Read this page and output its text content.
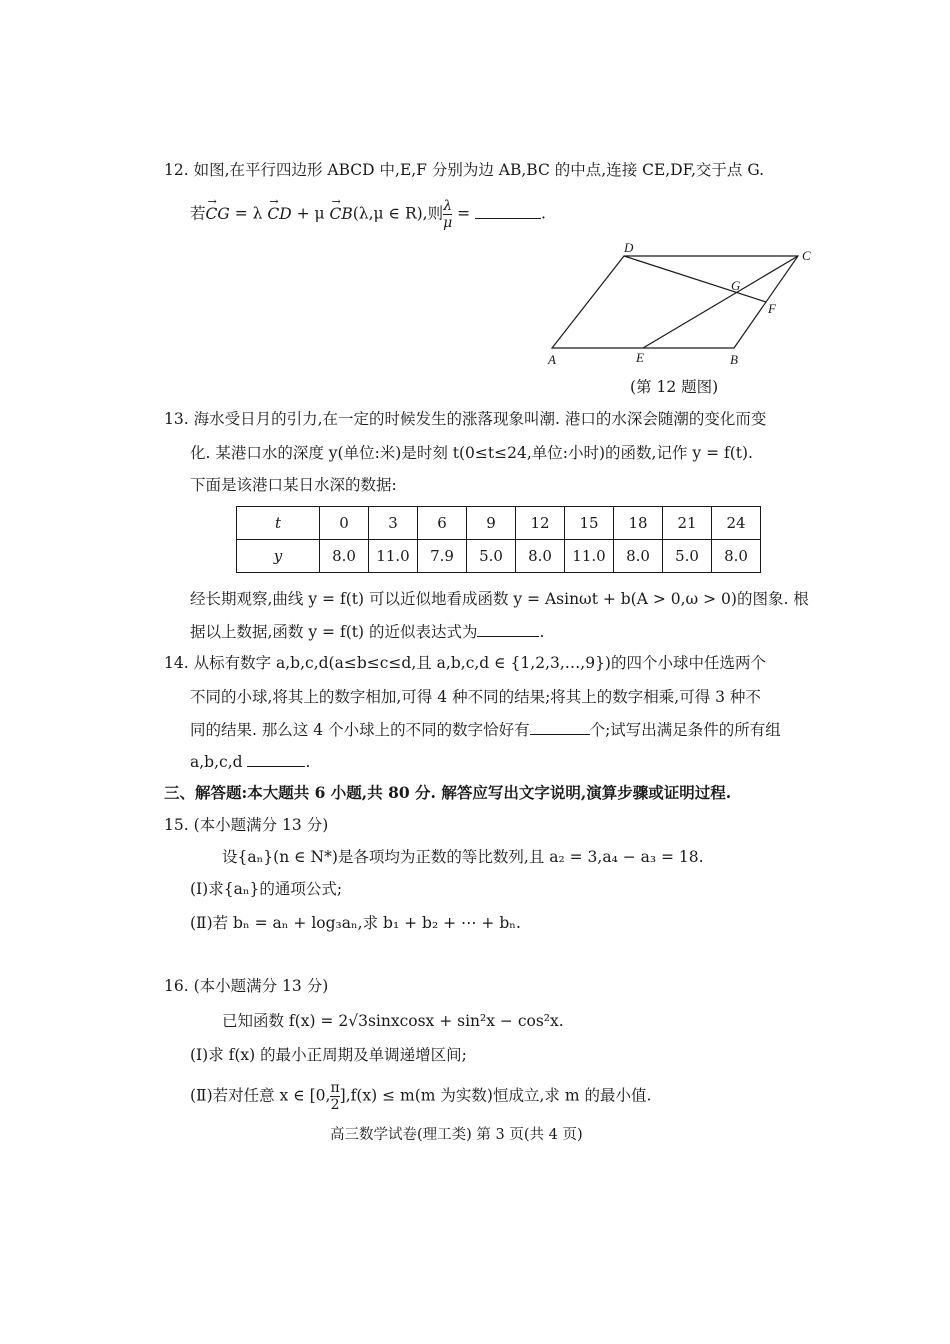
12. 如图,在平行四边形 ABCD 中,E,F 分别为边 AB,BC 的中点,连接 CE,DF,交于点 G.
若→ CG = λ → CD + μ → CB(λ,μ ∈ R),则 $\frac{\lambda}{\mu}$ =	.
A	E	B
F
G
C
D
(第 12 题图)
13. 海水受日月的引力,在一定的时候发生的涨落现象叫潮. 港口的水深会随潮的变化而变
化. 某港口水的深度 y(单位:米)是时刻 t(0≤t≤24,单位:小时)的函数,记作 y = f(t).
下面是该港口某日水深的数据:
t	0	3	6	9	12	15	18	21	24
y	8.0	11.0	7.9	5.0	8.0	11.0	8.0	5.0	8.0
经长期观察,曲线 y = f(t) 可以近似地看成函数 y = Asinωt + b(A > 0,ω > 0)的图象. 根
据以上数据,函数 y = f(t) 的近似表达式为	.
14. 从标有数字 a,b,c,d(a≤b≤c≤d,且 a,b,c,d ∈ {1,2,3,…,9})的四个小球中任选两个
不同的小球,将其上的数字相加,可得 4 种不同的结果;将其上的数字相乘,可得 3 种不
同的结果. 那么这 4 个小球上的不同的数字恰好有	个;试写出满足条件的所有组
a,b,c,d	.
三、解答题:本大题共 6 小题,共 80 分. 解答应写出文字说明,演算步骤或证明过程.
15. (本小题满分 13 分)
设{aₙ}(n ∈ N*)是各项均为正数的等比数列,且 a₂ = 3,a₄ − a₃ = 18.
(Ⅰ)求{aₙ}的通项公式;
(Ⅱ)若 bₙ = aₙ + log₃aₙ,求 b₁ + b₂ + ⋯ + bₙ.
16. (本小题满分 13 分)
已知函数 f(x) = 2√3sinxcosx + sin²x − cos²x.
(Ⅰ)求 f(x) 的最小正周期及单调递增区间;
(Ⅱ)若对任意 x ∈ [0, $\frac{\pi}{2} ],f(x) \le m(m$ 为实数)恒成立,求 m 的最小值.
高三数学试卷(理工类) 第 3 页(共 4 页)
